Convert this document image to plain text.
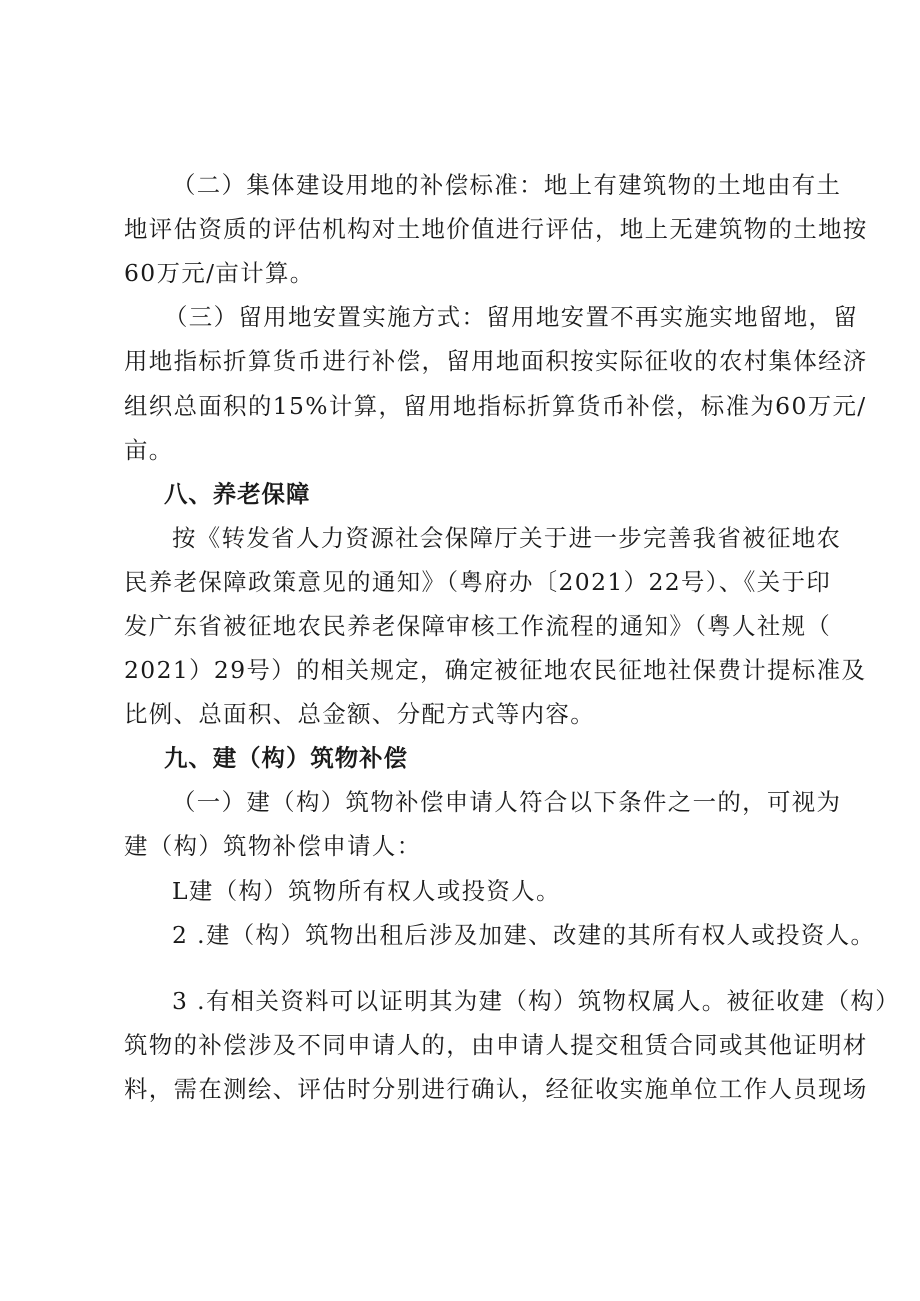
（二）集体建设用地的补偿标准：地上有建筑物的土地由有土
地评估资质的评估机构对土地价值进行评估，地上无建筑物的土地按
60万元/亩计算。
（三）留用地安置实施方式：留用地安置不再实施实地留地，留
用地指标折算货币进行补偿，留用地面积按实际征收的农村集体经济
组织总面积的15%计算，留用地指标折算货币补偿，标准为60万元/
亩。
八、养老保障
按《转发省人力资源社会保障厅关于进一步完善我省被征地农
民养老保障政策意见的通知》（粤府办〔2021）22号）、《关于印
发广东省被征地农民养老保障审核工作流程的通知》（粤人社规（
2021）29号）的相关规定，确定被征地农民征地社保费计提标准及
比例、总面积、总金额、分配方式等内容。
九、建（构）筑物补偿
（一）建（构）筑物补偿申请人符合以下条件之一的，可视为
建（构）筑物补偿申请人：
L建（构）筑物所有权人或投资人。
2 .建（构）筑物出租后涉及加建、改建的其所有权人或投资人。
3 .有相关资料可以证明其为建（构）筑物权属人。被征收建（构）
筑物的补偿涉及不同申请人的，由申请人提交租赁合同或其他证明材
料，需在测绘、评估时分别进行确认，经征收实施单位工作人员现场
